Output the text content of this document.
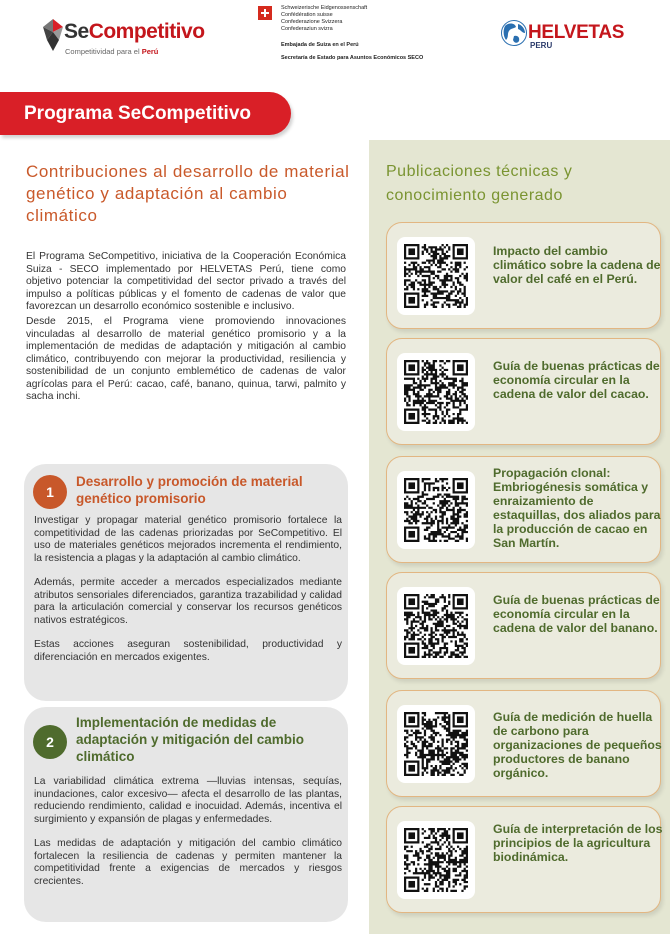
SeCompetitivo
Competitividad para el Perú
Schweizerische Eidgenossenschaft
Confédération suisse
Confederazione Svizzera
Confederaziun svizra
Embajada de Suiza en el Perú
Secretaría de Estado para Asuntos Económicos SECO
HELVETAS
PERU
Programa SeCompetitivo
Contribuciones al desarrollo de material genético y adaptación al cambio climático

El Programa SeCompetitivo, iniciativa de la Cooperación Económica Suiza - SECO implementado por HELVETAS Perú, tiene como objetivo potenciar la competitividad del sector privado a través del impulso a políticas públicas y el fomento de cadenas de valor que favorezcan un desarrollo económico sostenible e inclusivo.

Desde 2015, el Programa viene promoviendo innovaciones vinculadas al desarrollo de material genético promisorio y a la implementación de medidas de adaptación y mitigación al cambio climático, contribuyendo con mejorar la productividad, resiliencia y sostenibilidad de un conjunto emblemético de cadenas de valor agrícolas para el Perú: cacao, café, banano, quinua, tarwi, palmito y sacha inchi.

1
Desarrollo y promoción de material genético promisorio

Investigar y propagar material genético promisorio fortalece la competitividad de las cadenas priorizadas por SeCompetitivo. El uso de materiales genéticos mejorados incrementa el rendimiento, la resistencia a plagas y la adaptación al cambio climático.

Además, permite acceder a mercados especializados mediante atributos sensoriales diferenciados, garantiza trazabilidad y calidad para la articulación comercial y conservar los recursos genéticos nativos estratégicos.

Estas acciones aseguran sostenibilidad, productividad y diferenciación en mercados exigentes.

2
Implementación de medidas de adaptación y mitigación del cambio climático

La variabilidad climática extrema —lluvias intensas, sequías, inundaciones, calor excesivo— afecta el desarrollo de las plantas, reduciendo rendimiento, calidad e inocuidad. Además, incentiva el surgimiento y expansión de plagas y enfermedades.

Las medidas de adaptación y mitigación del cambio climático fortalecen la resiliencia de cadenas y permiten mantener la competitividad frente a exigencias de mercados y riesgos crecientes.

Publicaciones técnicas y conocimiento generado
Impacto del cambio climático sobre la cadena de valor del café en el Perú.
Guía de buenas prácticas de economía circular en la cadena de valor del cacao.
Propagación clonal: Embriogénesis somática y enraizamiento de estaquillas, dos aliados para la producción de cacao en San Martín.
Guía de buenas prácticas de economía circular en la cadena de valor del banano.
Guía de medición de huella de carbono para organizaciones de pequeños productores de banano orgánico.
Guía de interpretación de los principios de la agricultura biodinámica.
